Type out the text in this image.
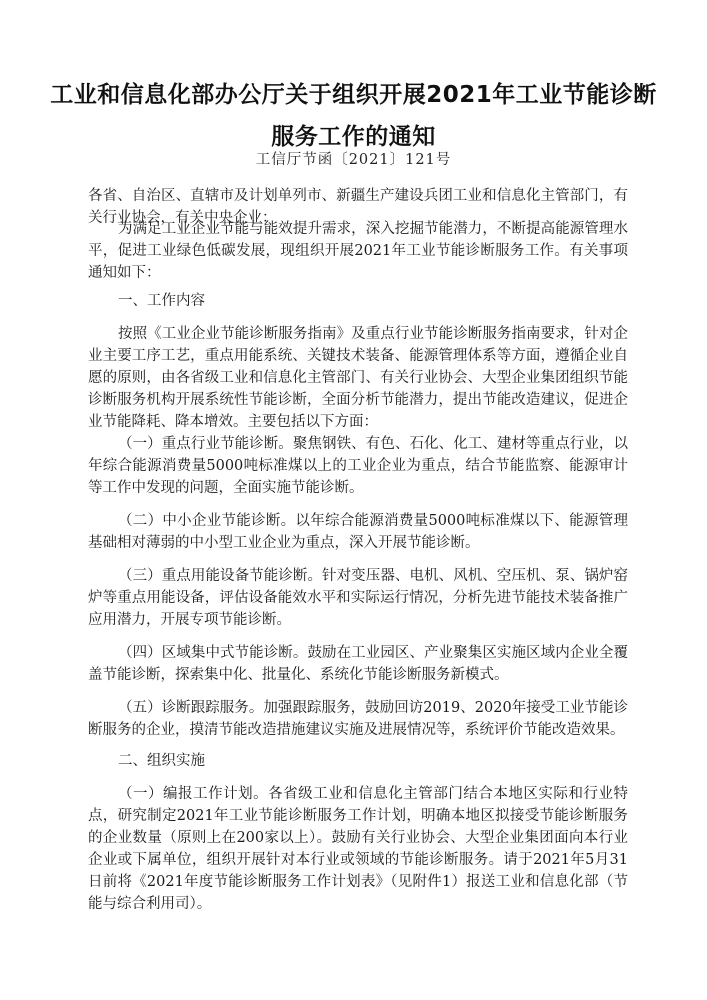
工业和信息化部办公厅关于组织开展2021年工业节能诊断服务工作的通知
工信厅节函〔2021〕121号

各省、自治区、直辖市及计划单列市、新疆生产建设兵团工业和信息化主管部门，有关行业协会，有关中央企业：

为满足工业企业节能与能效提升需求，深入挖掘节能潜力，不断提高能源管理水平，促进工业绿色低碳发展，现组织开展2021年工业节能诊断服务工作。有关事项通知如下：

一、工作内容

按照《工业企业节能诊断服务指南》及重点行业节能诊断服务指南要求，针对企业主要工序工艺，重点用能系统、关键技术装备、能源管理体系等方面，遵循企业自愿的原则，由各省级工业和信息化主管部门、有关行业协会、大型企业集团组织节能诊断服务机构开展系统性节能诊断，全面分析节能潜力，提出节能改造建议，促进企业节能降耗、降本增效。主要包括以下方面：

（一）重点行业节能诊断。聚焦钢铁、有色、石化、化工、建材等重点行业，以年综合能源消费量5000吨标准煤以上的工业企业为重点，结合节能监察、能源审计等工作中发现的问题，全面实施节能诊断。

（二）中小企业节能诊断。以年综合能源消费量5000吨标准煤以下、能源管理基础相对薄弱的中小型工业企业为重点，深入开展节能诊断。

（三）重点用能设备节能诊断。针对变压器、电机、风机、空压机、泵、锅炉窑炉等重点用能设备，评估设备能效水平和实际运行情况，分析先进节能技术装备推广应用潜力，开展专项节能诊断。

（四）区域集中式节能诊断。鼓励在工业园区、产业聚集区实施区域内企业全覆盖节能诊断，探索集中化、批量化、系统化节能诊断服务新模式。

（五）诊断跟踪服务。加强跟踪服务，鼓励回访2019、2020年接受工业节能诊断服务的企业，摸清节能改造措施建议实施及进展情况等，系统评价节能改造效果。

二、组织实施

（一）编报工作计划。各省级工业和信息化主管部门结合本地区实际和行业特点，研究制定2021年工业节能诊断服务工作计划，明确本地区拟接受节能诊断服务的企业数量（原则上在200家以上）。鼓励有关行业协会、大型企业集团面向本行业企业或下属单位，组织开展针对本行业或领域的节能诊断服务。请于2021年5月31日前将《2021年度节能诊断服务工作计划表》（见附件1）报送工业和信息化部（节能与综合利用司）。
